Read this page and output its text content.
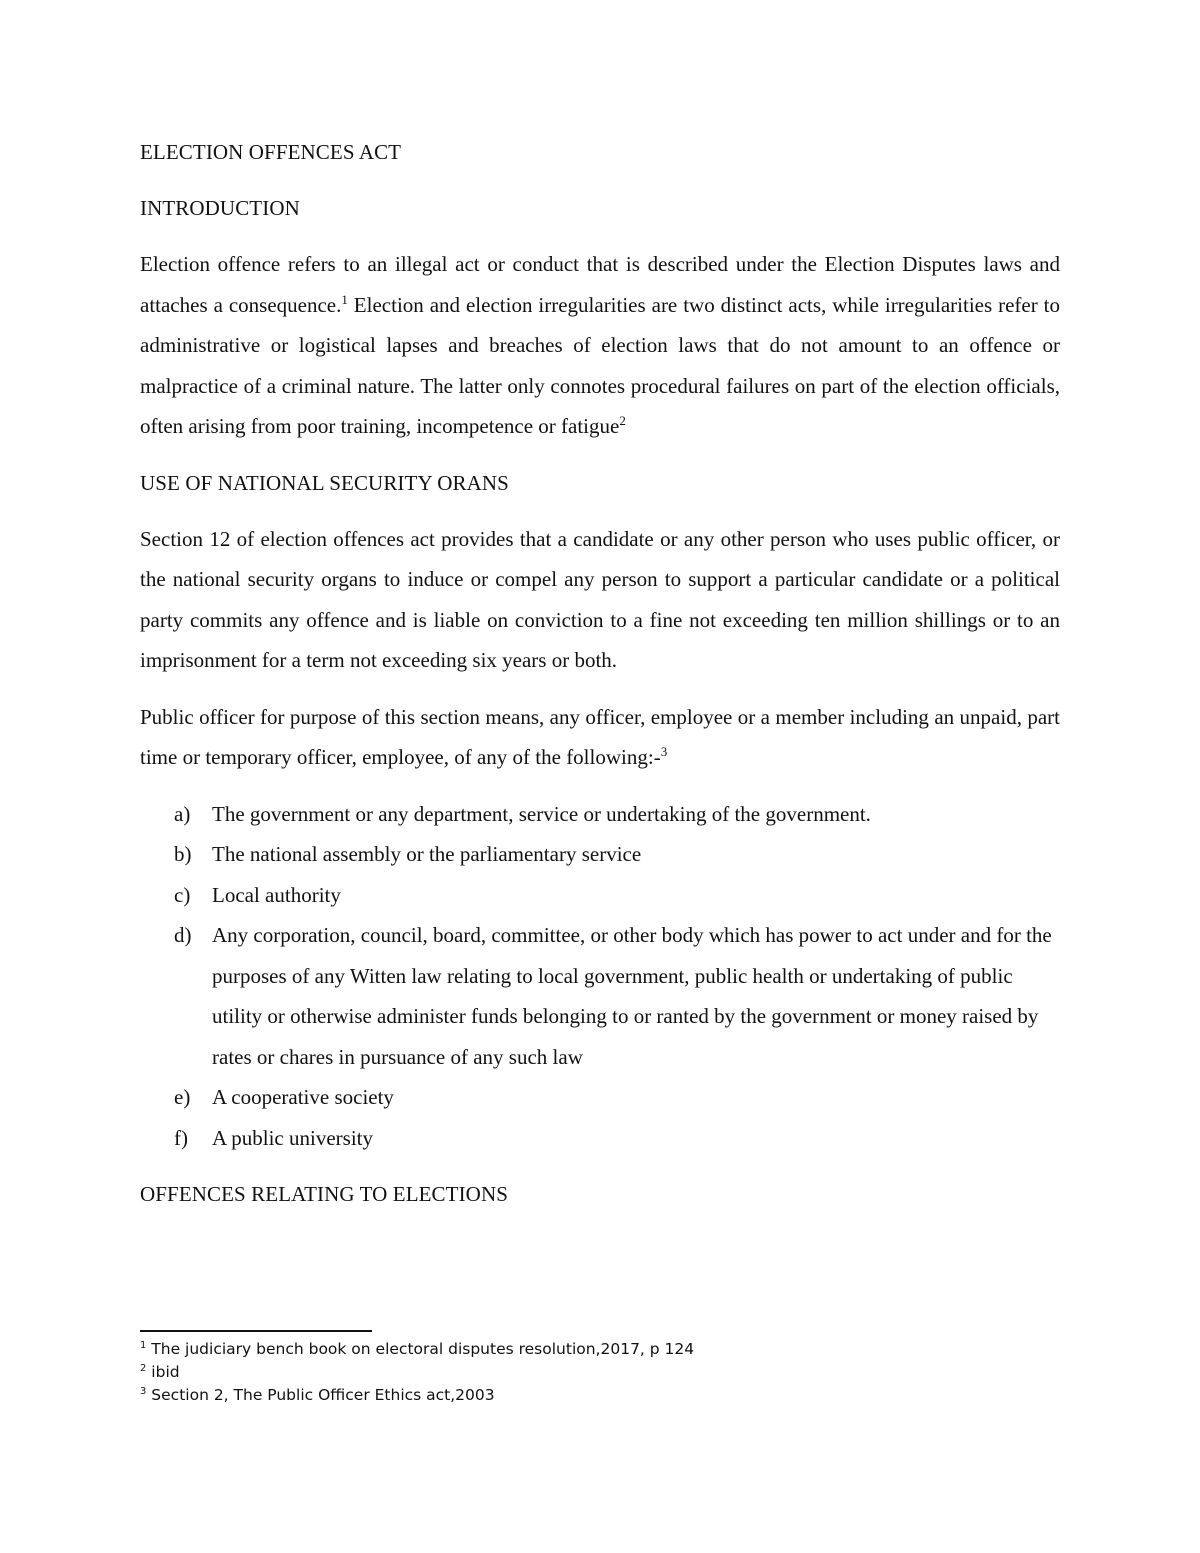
ELECTION OFFENCES ACT
INTRODUCTION

Election offence refers to an illegal act or conduct that is described under the Election Disputes laws and attaches a consequence.$^1$ Election and election irregularities are two distinct acts, while irregularities refer to administrative or logistical lapses and breaches of election laws that do not amount to an offence or malpractice of a criminal nature. The latter only connotes procedural failures on part of the election officials, often arising from poor training, incompetence or fatigue$^2$

USE OF NATIONAL SECURITY ORANS

Section 12 of election offences act provides that a candidate or any other person who uses public officer, or the national security organs to induce or compel any person to support a particular candidate or a political party commits any offence and is liable on conviction to a fine not exceeding ten million shillings or to an imprisonment for a term not exceeding six years or both.

Public officer for purpose of this section means, any officer, employee or a member including an unpaid, part time or temporary officer, employee, of any of the following:-$^3$

a) The government or any department, service or undertaking of the government.
b) The national assembly or the parliamentary service
c) Local authority
d) Any corporation, council, board, committee, or other body which has power to act under and for the purposes of any Witten law relating to local government, public health or undertaking of public utility or otherwise administer funds belonging to or ranted by the government or money raised by rates or chares in pursuance of any such law
e) A cooperative society
f) A public university
OFFENCES RELATING TO ELECTIONS
$^1$ The judiciary bench book on electoral disputes resolution,2017, p 124
$^2$ ibid
$^3$ Section 2, The Public Officer Ethics act,2003
